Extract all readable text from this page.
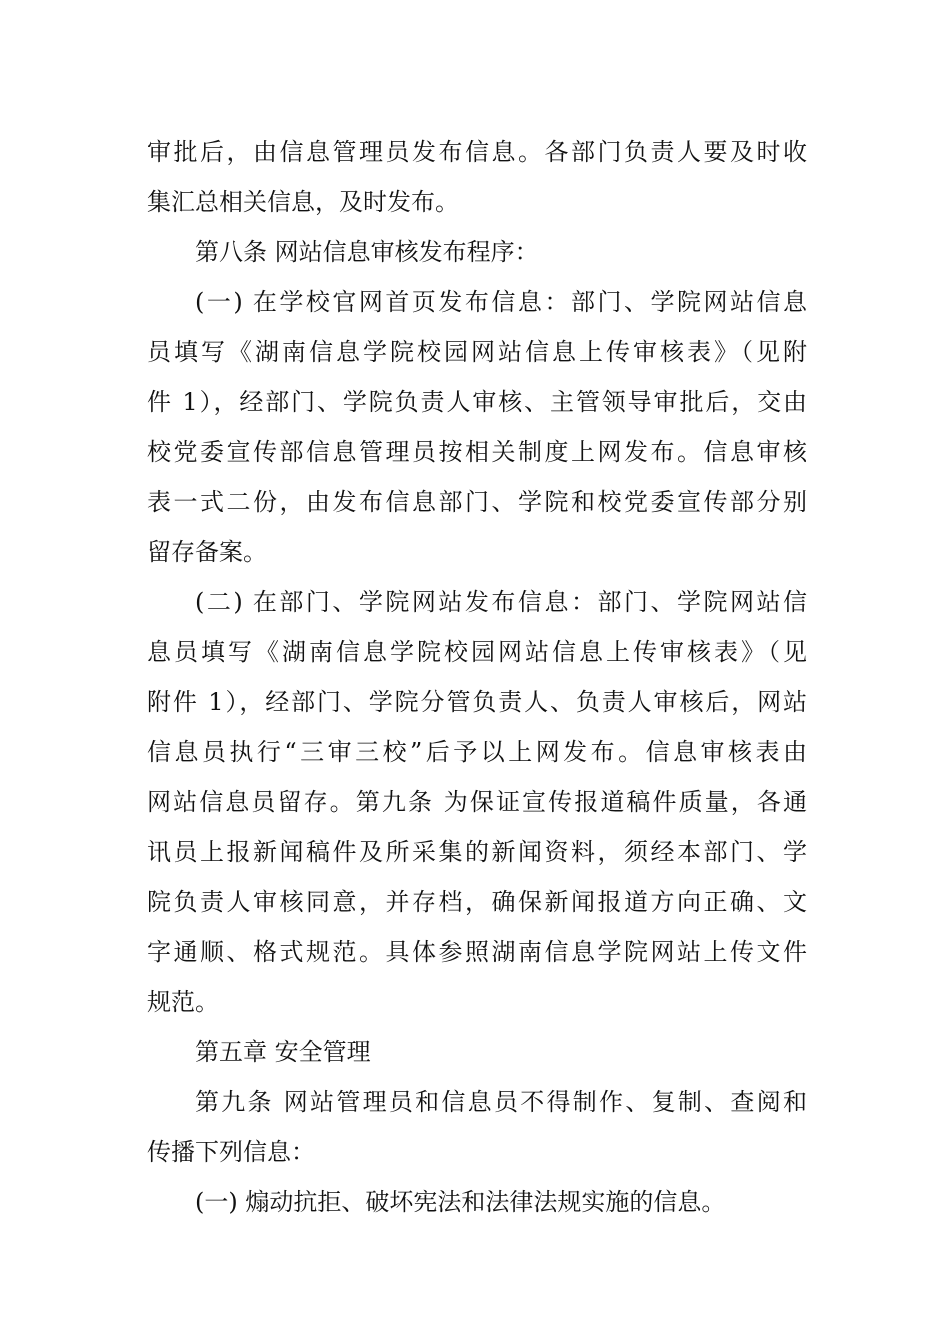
审批后，由信息管理员发布信息。各部门负责人要及时收
集汇总相关信息，及时发布。
第八条 网站信息审核发布程序：
(一) 在学校官网首页发布信息：部门、学院网站信息
员填写《湖南信息学院校园网站信息上传审核表》（见附
件 1），经部门、学院负责人审核、主管领导审批后，交由
校党委宣传部信息管理员按相关制度上网发布。信息审核
表一式二份，由发布信息部门、学院和校党委宣传部分别
留存备案。
(二) 在部门、学院网站发布信息：部门、学院网站信
息员填写《湖南信息学院校园网站信息上传审核表》（见
附件 1），经部门、学院分管负责人、负责人审核后，网站
信息员执行“三审三校”后予以上网发布。信息审核表由
网站信息员留存。第九条 为保证宣传报道稿件质量，各通
讯员上报新闻稿件及所采集的新闻资料，须经本部门、学
院负责人审核同意，并存档，确保新闻报道方向正确、文
字通顺、格式规范。具体参照湖南信息学院网站上传文件
规范。
第五章 安全管理
第九条 网站管理员和信息员不得制作、复制、查阅和
传播下列信息：
(一) 煽动抗拒、破坏宪法和法律法规实施的信息。
